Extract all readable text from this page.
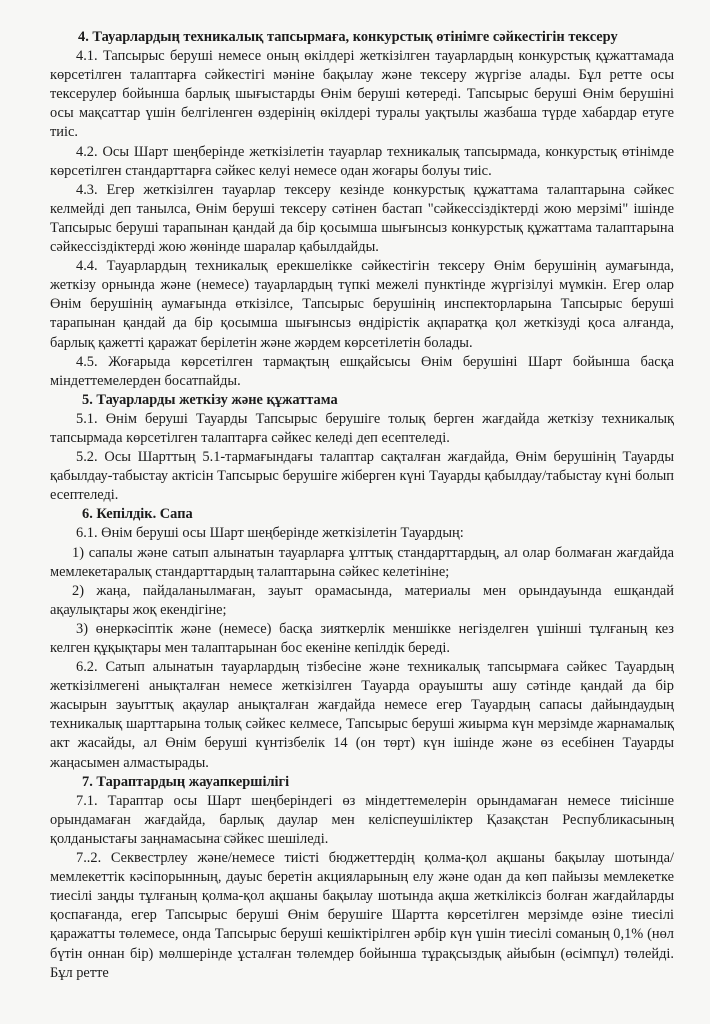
4. Тауарлардың техникалық тапсырмаға, конкурстық өтінімге сәйкестігін тексеру

4.1. Тапсырыс беруші немесе оның өкілдері жеткізілген тауарлардың конкурстық құжаттамада көрсетілген талаптарға сәйкестігі мәніне бақылау және тексеру жүргізе алады. Бұл ретте осы тексерулер бойынша барлық шығыстарды Өнім беруші көтереді. Тапсырыс беруші Өнім берушіні осы мақсаттар үшін белгіленген өздерінің өкілдері туралы уақтылы жазбаша түрде хабардар етуге тиіс.

4.2. Осы Шарт шеңберінде жеткізілетін тауарлар техникалық тапсырмада, конкурстық өтінімде көрсетілген стандарттарға сәйкес келуі немесе одан жоғары болуы тиіс.

4.3. Егер жеткізілген тауарлар тексеру кезінде конкурстық құжаттама талаптарына сәйкес келмейді деп танылса, Өнім беруші тексеру сәтінен бастап "сәйкессіздіктерді жою мерзімі" ішінде Тапсырыс беруші тарапынан қандай да бір қосымша шығынсыз конкурстық құжаттама талаптарына сәйкессіздіктерді жою жөнінде шаралар қабылдайды.

4.4. Тауарлардың техникалық ерекшелікке сәйкестігін тексеру Өнім берушінің аумағында, жеткізу орнында және (немесе) тауарлардың түпкі межелі пунктінде жүргізілуі мүмкін. Егер олар Өнім берушінің аумағында өткізілсе, Тапсырыс берушінің инспекторларына Тапсырыс беруші тарапынан қандай да бір қосымша шығынсыз өндірістік ақпаратқа қол жеткізуді қоса алғанда, барлық қажетті қаражат берілетін және жәрдем көрсетілетін болады.

4.5. Жоғарыда көрсетілген тармақтың ешқайсысы Өнім берушіні Шарт бойынша басқа міндеттемелерден босатпайды.

5. Тауарларды жеткізу және құжаттама

5.1. Өнім беруші Тауарды Тапсырыс берушіге толық берген жағдайда жеткізу техникалық тапсырмада көрсетілген талаптарға сәйкес келеді деп есептеледі.

5.2. Осы Шарттың 5.1-тармағындағы талаптар сақталған жағдайда, Өнім берушінің Тауарды қабылдау-табыстау актісін Тапсырыс берушіге жіберген күні Тауарды қабылдау/табыстау күні болып есептеледі.

6. Кепілдік. Сапа

6.1. Өнім беруші осы Шарт шеңберінде жеткізілетін Тауардың:

1) сапалы және сатып алынатын тауарларға ұлттық стандарттардың, ал олар болмаған жағдайда мемлекетаралық стандарттардың талаптарына сәйкес келетініне;

2) жаңа, пайдаланылмаған, зауыт орамасында, материалы мен орындауында ешқандай ақаулықтары жоқ екендігіне;

3) өнеркәсіптік және (немесе) басқа зияткерлік меншікке негізделген үшінші тұлғаның кез келген құқықтары мен талаптарынан бос екеніне кепілдік береді.

6.2. Сатып алынатын тауарлардың тізбесіне және техникалық тапсырмаға сәйкес Тауардың жеткізілмегені анықталған немесе жеткізілген Тауарда орауышты ашу сәтінде қандай да бір жасырын зауыттық ақаулар анықталған жағдайда немесе егер Тауардың сапасы дайындаудың техникалық шарттарына толық сәйкес келмесе, Тапсырыс беруші жиырма күн мерзімде жарнамалық акт жасайды, ал Өнім беруші күнтізбелік 14 (он төрт) күн ішінде және өз есебінен Тауарды жаңасымен алмастырады.

7. Тараптардың жауапкершілігі

7.1. Тараптар осы Шарт шеңберіндегі өз міндеттемелерін орындамаған немесе тиісінше орындамаған жағдайда, барлық даулар мен келіспеушіліктер Қазақстан Республикасының қолданыстағы заңнамасына сәйкес шешіледі.

7..2. Секвестрлеу және/немесе тиісті бюджеттердің қолма-қол ақшаны бақылау шотында/мемлекеттік кәсіпорынның, дауыс беретін акцияларының елу және одан да көп пайызы мемлекетке тиесілі заңды тұлғаның қолма-қол ақшаны бақылау шотында ақша жеткіліксіз болған жағдайларды қоспағанда, егер Тапсырыс беруші Өнім берушіге Шартта көрсетілген мерзімде өзіне тиесілі қаражатты төлемесе, онда Тапсырыс беруші кешіктірілген әрбір күн үшін тиесілі соманың 0,1% (нөл бүтін оннан бір) мөлшерінде ұсталған төлемдер бойынша тұрақсыздық айыбын (өсімпұл) төлейді. Бұл ретте
